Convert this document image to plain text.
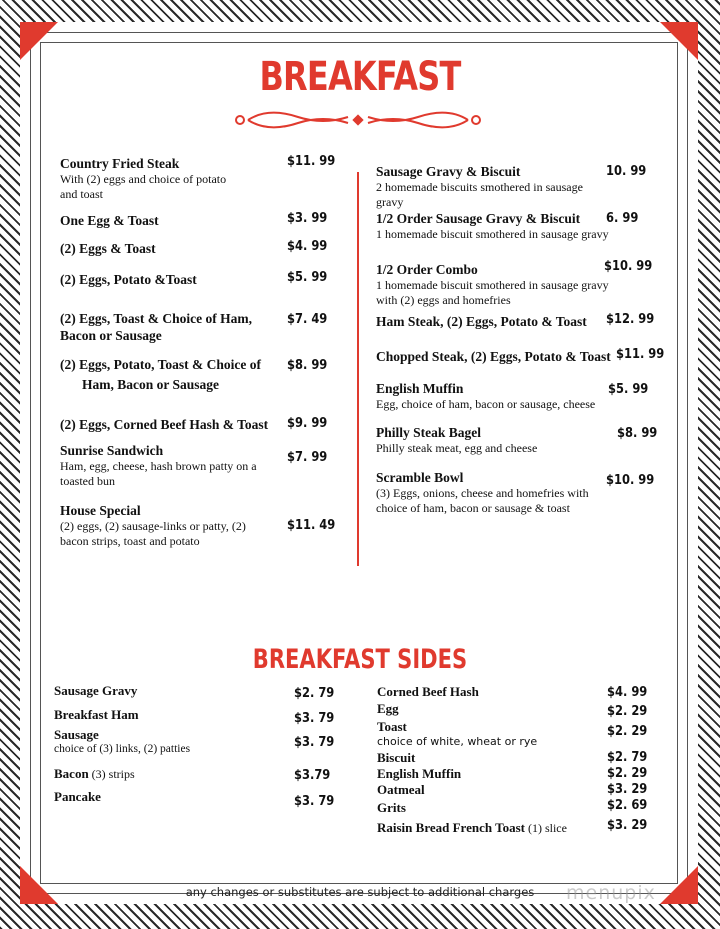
BREAKFAST
Country Fried Steak
With (2) eggs and choice of potato
and toast
$11. 99
One Egg & Toast	$3. 99
(2) Eggs & Toast	$4. 99
(2) Eggs, Potato &Toast	$5. 99
(2) Eggs, Toast & Choice of Ham,
Bacon or Sausage
$7. 49
(2) Eggs, Potato, Toast & Choice of
Ham, Bacon or Sausage
$8. 99
(2) Eggs, Corned Beef Hash & Toast $9. 99
Sunrise Sandwich
Ham, egg, cheese, hash brown patty on a
toasted bun
$7. 99
House Special
(2) eggs, (2) sausage-links or patty, (2)
bacon strips, toast and potato
$11. 49
Sausage Gravy & Biscuit
2 homemade biscuits smothered in sausage
gravy
10. 99
1/2 Order Sausage Gravy & Biscuit
1 homemade biscuit smothered in sausage gravy
6. 99
1/2 Order Combo
1 homemade biscuit smothered in sausage gravy
with (2) eggs and homefries
$10. 99
Ham Steak, (2) Eggs, Potato & Toast $12. 99
Chopped Steak, (2) Eggs, Potato & Toast $11. 99
English Muffin
Egg, choice of ham, bacon or sausage, cheese
$5. 99
Philly Steak Bagel
Philly steak meat, egg and cheese
$8. 99
Scramble Bowl
(3) Eggs, onions, cheese and homefries with
choice of ham, bacon or sausage & toast
$10. 99
BREAKFAST SIDES
Sausage Gravy	$2. 79
Breakfast Ham	$3. 79
Sausage
choice of (3) links, (2) patties	$3. 79
Bacon (3) strips	$3.79
Pancake	$3. 79
Corned Beef Hash	$4. 99
Egg	$2. 29
Toast
choice of white, wheat or rye
$2. 29
Biscuit	$2. 79
English Muffin	$2. 29
Oatmeal	$3. 29
Grits	$2. 69
Raisin Bread French Toast (1) slice	$3. 29
any changes or substitutes are subject to additional charges	menupix
